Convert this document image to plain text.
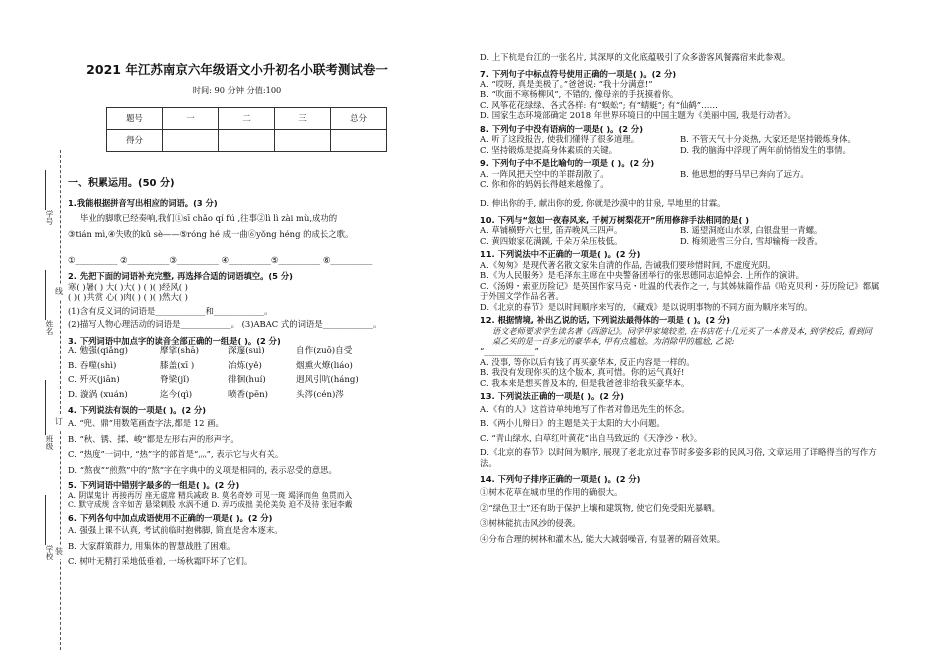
学号
姓名
班级
学校
线
订
装
2021 年江苏南京六年级语文小升初名小联考测试卷一
时间: 90 分钟 分值:100
题号	一	二	三	总分
得分				
一、积累运用。(50 分)
1.我能根据拼音写出相应的词语。(3 分)
毕业的脚歌已经奏响,我们①sī chǎo qí fú ,往事②lì lì zài mù,成功的
③tián mì,④失败的kǔ sè——⑤róng hé 成一曲⑥yǒng héng 的成长之歌。
①__________ ②__________③__________ ④__________⑤__________ ⑥__________
2. 先把下面的词语补充完整, 再选择合适的词语填空。(5 分)
寒( )暑( ) 大( )大( ) ( )( )经风( )
( )( )共赏 心( )肉( ) ( )( )然大( )
(1)含有反义词的词语是____________和____________。
(2)描写人物心理活动的词语是____________。 (3)ABAC 式的词语是____________。
3. 下列词语中加点字的读音全部正确的一组是( )。(2 分)
A. 勉强(qiǎng)	摩挲(shā)	深邃(suì)	自作(zuō)自受
B. 吞噬(shì)	膝盖(xī )	冶炼(yě)	烟熏火燎(liáo)
C. 歼灭(jiān)	脊梁(jǐ)	徘徊(huí)	迥风引吭(háng)
D. 漩涡 (xuán)	迄今(qì)	喷香(pēn)	头涔(cén)涔
4. 下列说法有误的一项是( )。(2 分)
A. “兜、鼎”用数笔画查字法,都是 12 画。
B. “秋、锈、揉、峻”都是左形右声的形声字。
C. “热度”一词中, “热”字的部首是“灬”, 表示它与火有关。
D. “熬夜”“煎熬”中的“熬”字在字典中的义项是相同的, 表示忍受的意思。
5. 下列词语中错别字最多的一组是( )。(2 分)
A. 阴谋鬼计 再接再厉 座无虚席 精兵减政 B. 莫名奇妙 可见一斑 竭泽而鱼 鱼贯而入
C. 默守成规 含辛如苦 悬梁刺股 水涡不通 D. 弄巧成拙 美伦美奂 迫不及待 张冠李戴
6. 下列各句中加点成语使用不正确的一项是( )。(2 分)
A. 强强上课不认真, 考试前临时抱佛脚, 简直是舍本逐末。
B. 大家群策群力, 用集体的智慧战胜了困难。
C. 树叶无精打采地低垂着, 一场秋霜吓坏了它们。
D. 上下杭是台江的一张名片, 其深厚的文化底蕴吸引了众多游客风餐露宿来此参观。
7. 下列句子中标点符号使用正确的一项是( )。(2 分)
A. “哎呀, 真是美极了。”爸爸说: “我十分满意!”
B. “吹面不寒杨柳风”, 不错的, 像母亲的手抚摸着你。
C. 风筝花花绿绿、各式各样: 有“蜈蚣”; 有“蜻蜓”; 有“仙鹤”……
D. 国家生态环境部确定 2018 年世界环境日的中国主题为《美丽中国, 我是行动者》。
8. 下列句子中没有语病的一项是( )。(2 分)
A. 听了这段报告, 使我们懂得了很多道理。	B. 不管天气十分炎热, 大家还是坚持锻炼身体。
C. 坚持锻炼是提高身体素质的关键。	D. 我的脑海中浮现了两年前悄悄发生的事情。
9. 下列句子中不是比喻句的一项是 ( )。(2 分)
A. 一阵风把天空中的羊群刮散了。	B. 他思想的野马早已奔向了远方。
C. 你和你的妈妈长得越来越像了。
D. 伸出你的手, 献出你的爱, 你就是沙漠中的甘泉, 旱地里的甘霖。
10. 下列与“忽如一夜春风来, 千树万树梨花开”所用修辞手法相同的是( )
A. 草铺横野六七里, 笛弄晚风三四声。	B. 遥望洞庭山水翠, 白银盘里一青螺。
C. 黄四娘家花满蹊, 千朵万朵压枝低。	D. 梅须逊雪三分白, 雪却输梅一段香。
11. 下列说法中不正确的一项是( )。(2 分)
A.《匆匆》是现代著名散文家朱自清的作品, 告诫我们要珍惜时间, 不虚度光阴。
B.《为人民服务》是毛泽东主席在中央警备团举行的张思德同志追悼会. 上所作的演讲。
C.《汤姆・索亚历险记》是英国作家马克・吐温的代表作之一, 与其姊妹篇作品《哈克贝利・芬历险记》都属于外国文学作品名著。
D.《北京的春节》是以时间顺序来写的, 《藏戏》是以说明事物的不同方面为顺序来写的。
12. 根据情境, 补出乙说的话, 下列说法最得体的一项是 ( )。(2 分)
语文老师要求学生读名著《西游记》。同学甲家境较差, 在书店花十几元买了一本普及本, 到学校后, 看到同桌乙买的是一百多元的豪华本, 甲有点尴尬。为消除甲的尴尬, 乙说:
“____________”
A. 没事, 等你以后有钱了再买豪华本, 反正内容是一样的。
B. 我没有发现你买的这个版本, 真可惜。你的运气真好!
C. 我本来是想买普及本的, 但是我爸爸非给我买豪华本。
13. 下列说法正确的一项是( )。(2 分)
A.《有的人》这首诗单纯地写了作者对鲁迅先生的怀念。
B.《两小儿辩日》的主题是关于太阳的大小问题。
C. “青山绿水, 白草红叶黄花”出自马致远的《天净沙・秋》。
D.《北京的春节》以时间为顺序, 展现了老北京过春节时多姿多彩的民风习俗, 文章运用了详略得当的写作方法。
14. 下列句子排序正确的一项是( )。(2 分)
①树木花草在城市里的作用的确很大。
②“绿色卫士”还有助于保护上壤和建筑物, 使它们免受阳光暴晒。
③树林能抗击风沙的侵袭。
④分布合理的树林和灌木丛, 能大大减弱噪音, 有显著的隔音效果。
